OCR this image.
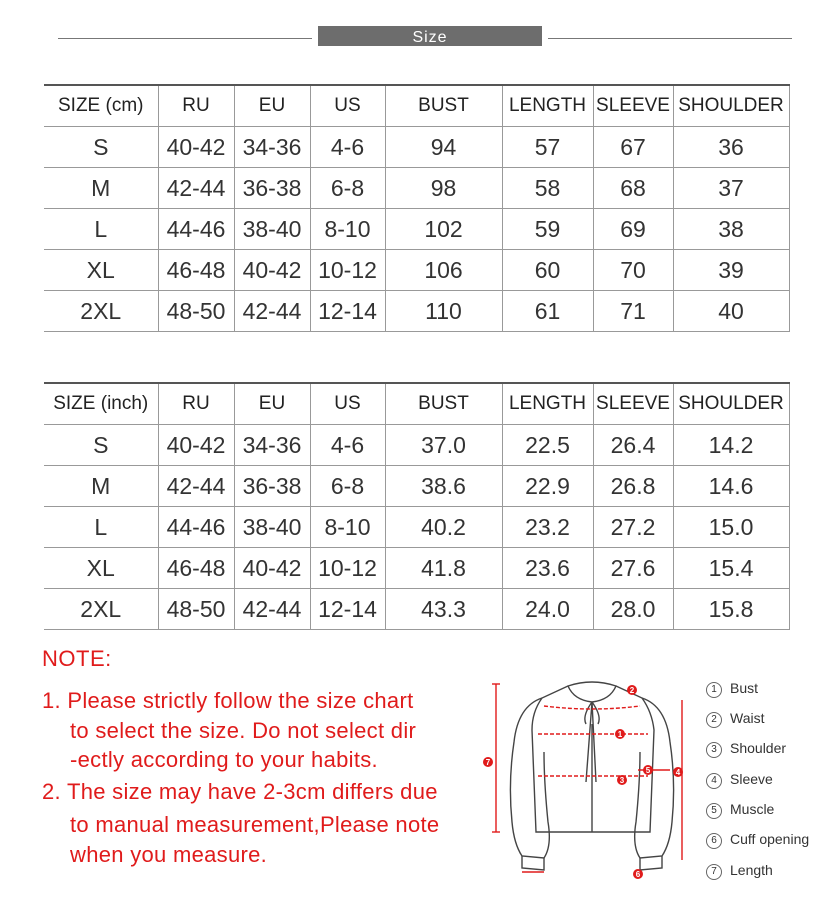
Size
SIZE (cm)	RU	EU	US	BUST	LENGTH	SLEEVE	SHOULDER
S	40-42	34-36	4-6	94	57	67	36
M	42-44	36-38	6-8	98	58	68	37
L	44-46	38-40	8-10	102	59	69	38
XL	46-48	40-42	10-12	106	60	70	39
2XL	48-50	42-44	12-14	110	61	71	40
SIZE (inch)	RU	EU	US	BUST	LENGTH	SLEEVE	SHOULDER
S	40-42	34-36	4-6	37.0	22.5	26.4	14.2
M	42-44	36-38	6-8	38.6	22.9	26.8	14.6
L	44-46	38-40	8-10	40.2	23.2	27.2	15.0
XL	46-48	40-42	10-12	41.8	23.6	27.6	15.4
2XL	48-50	42-44	12-14	43.3	24.0	28.0	15.8
NOTE:
1. Please strictly follow the size chart
to select the size. Do not select dir
-ectly according to your habits.
2. The size may have 2-3cm differs due
to manual measurement,Please note
when you measure.
1
3
2
4
5
6
7
1 Bust
2 Waist
3 Shoulder
4 Sleeve
5 Muscle
6 Cuff opening
7 Length
